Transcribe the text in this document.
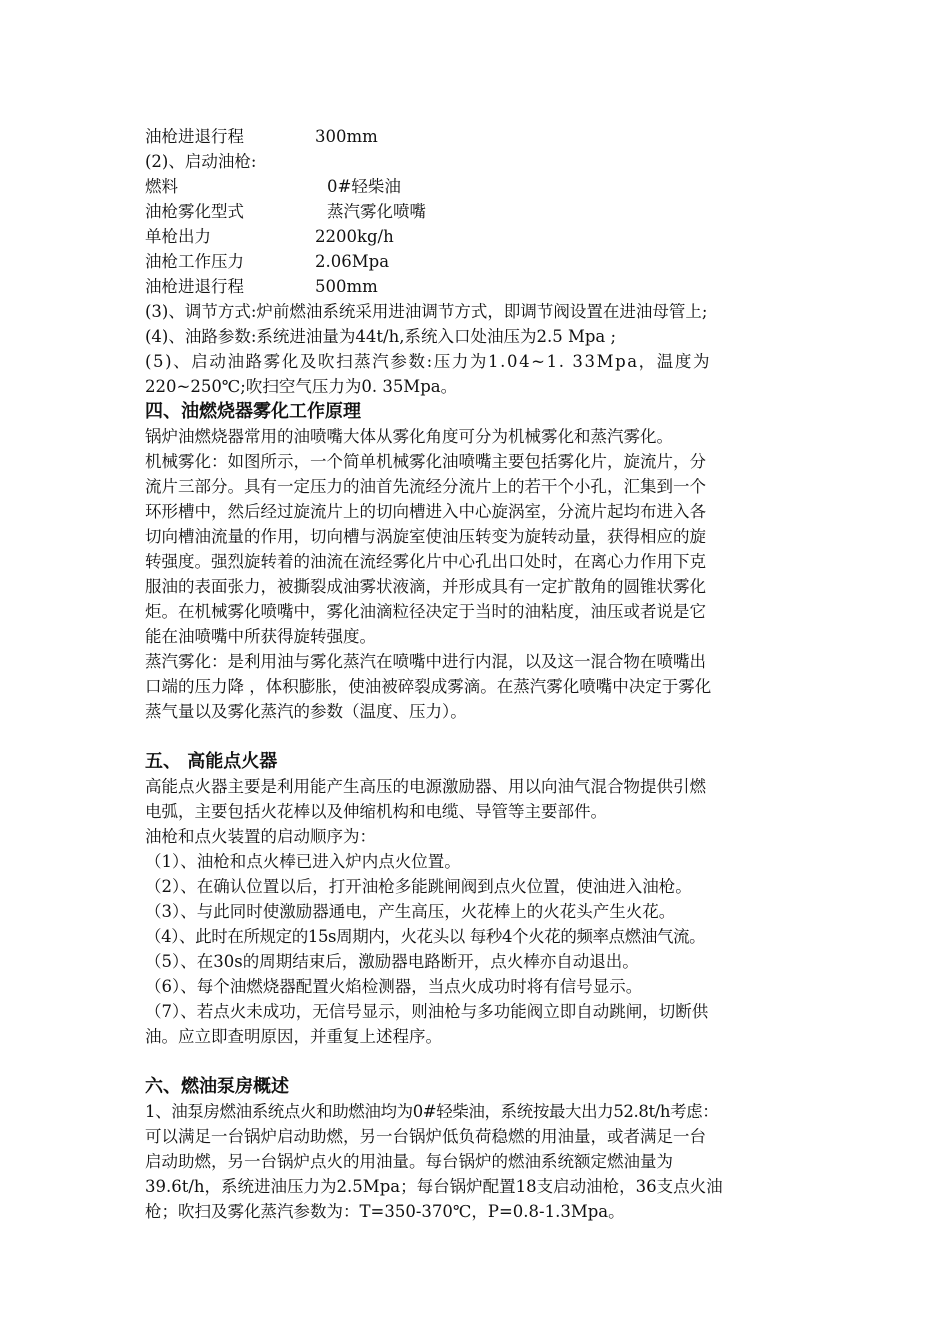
油枪进退行程	300mm
(2)、启动油枪:
燃料	0#轻柴油
油枪雾化型式	蒸汽雾化喷嘴
单枪出力	2200kg/h
油枪工作压力	2.06Mpa
油枪进退行程	500mm
(3)、调节方式:炉前燃油系统采用进油调节方式，即调节阀设置在进油母管上;
(4)、油路参数:系统进油量为44t/h,系统入口处油压为2.5 Mpa ;
(5)、启动油路雾化及吹扫蒸汽参数:压力为1.04~1. 33Mpa，温度为
220~250℃;吹扫空气压力为0. 35Mpa。
四、油燃烧器雾化工作原理
锅炉油燃烧器常用的油喷嘴大体从雾化角度可分为机械雾化和蒸汽雾化。
机械雾化：如图所示，一个简单机械雾化油喷嘴主要包括雾化片，旋流片，分
流片三部分。具有一定压力的油首先流经分流片上的若干个小孔，汇集到一个
环形槽中，然后经过旋流片上的切向槽进入中心旋涡室，分流片起均布进入各
切向槽油流量的作用，切向槽与涡旋室使油压转变为旋转动量，获得相应的旋
转强度。强烈旋转着的油流在流经雾化片中心孔出口处时，在离心力作用下克
服油的表面张力，被撕裂成油雾状液滴，并形成具有一定扩散角的圆锥状雾化
炬。在机械雾化喷嘴中，雾化油滴粒径决定于当时的油粘度，油压或者说是它
能在油喷嘴中所获得旋转强度。
蒸汽雾化：是利用油与雾化蒸汽在喷嘴中进行内混，以及这一混合物在喷嘴出
口端的压力降 ，体积膨胀，使油被碎裂成雾滴。在蒸汽雾化喷嘴中决定于雾化
蒸气量以及雾化蒸汽的参数（温度、压力）。
五、 高能点火器
高能点火器主要是利用能产生高压的电源激励器、用以向油气混合物提供引燃
电弧，主要包括火花棒以及伸缩机构和电缆、导管等主要部件。
油枪和点火装置的启动顺序为：
（1）、油枪和点火棒已进入炉内点火位置。
（2）、在确认位置以后，打开油枪多能跳闸阀到点火位置，使油进入油枪。
（3）、与此同时使激励器通电，产生高压，火花棒上的火花头产生火花。
（4）、此时在所规定的15s周期内，火花头以 每秒4个火花的频率点燃油气流。
（5）、在30s的周期结束后，激励器电路断开，点火棒亦自动退出。
（6）、每个油燃烧器配置火焰检测器，当点火成功时将有信号显示。
（7）、若点火未成功，无信号显示，则油枪与多功能阀立即自动跳闸，切断供
油。应立即查明原因，并重复上述程序。
六、燃油泵房概述
1、油泵房燃油系统点火和助燃油均为0#轻柴油，系统按最大出力52.8t/h考虑：
可以满足一台锅炉启动助燃，另一台锅炉低负荷稳燃的用油量，或者满足一台
启动助燃，另一台锅炉点火的用油量。每台锅炉的燃油系统额定燃油量为
39.6t/h，系统进油压力为2.5Mpa；每台锅炉配置18支启动油枪，36支点火油
枪；吹扫及雾化蒸汽参数为：T=350-370℃，P=0.8-1.3Mpa。
